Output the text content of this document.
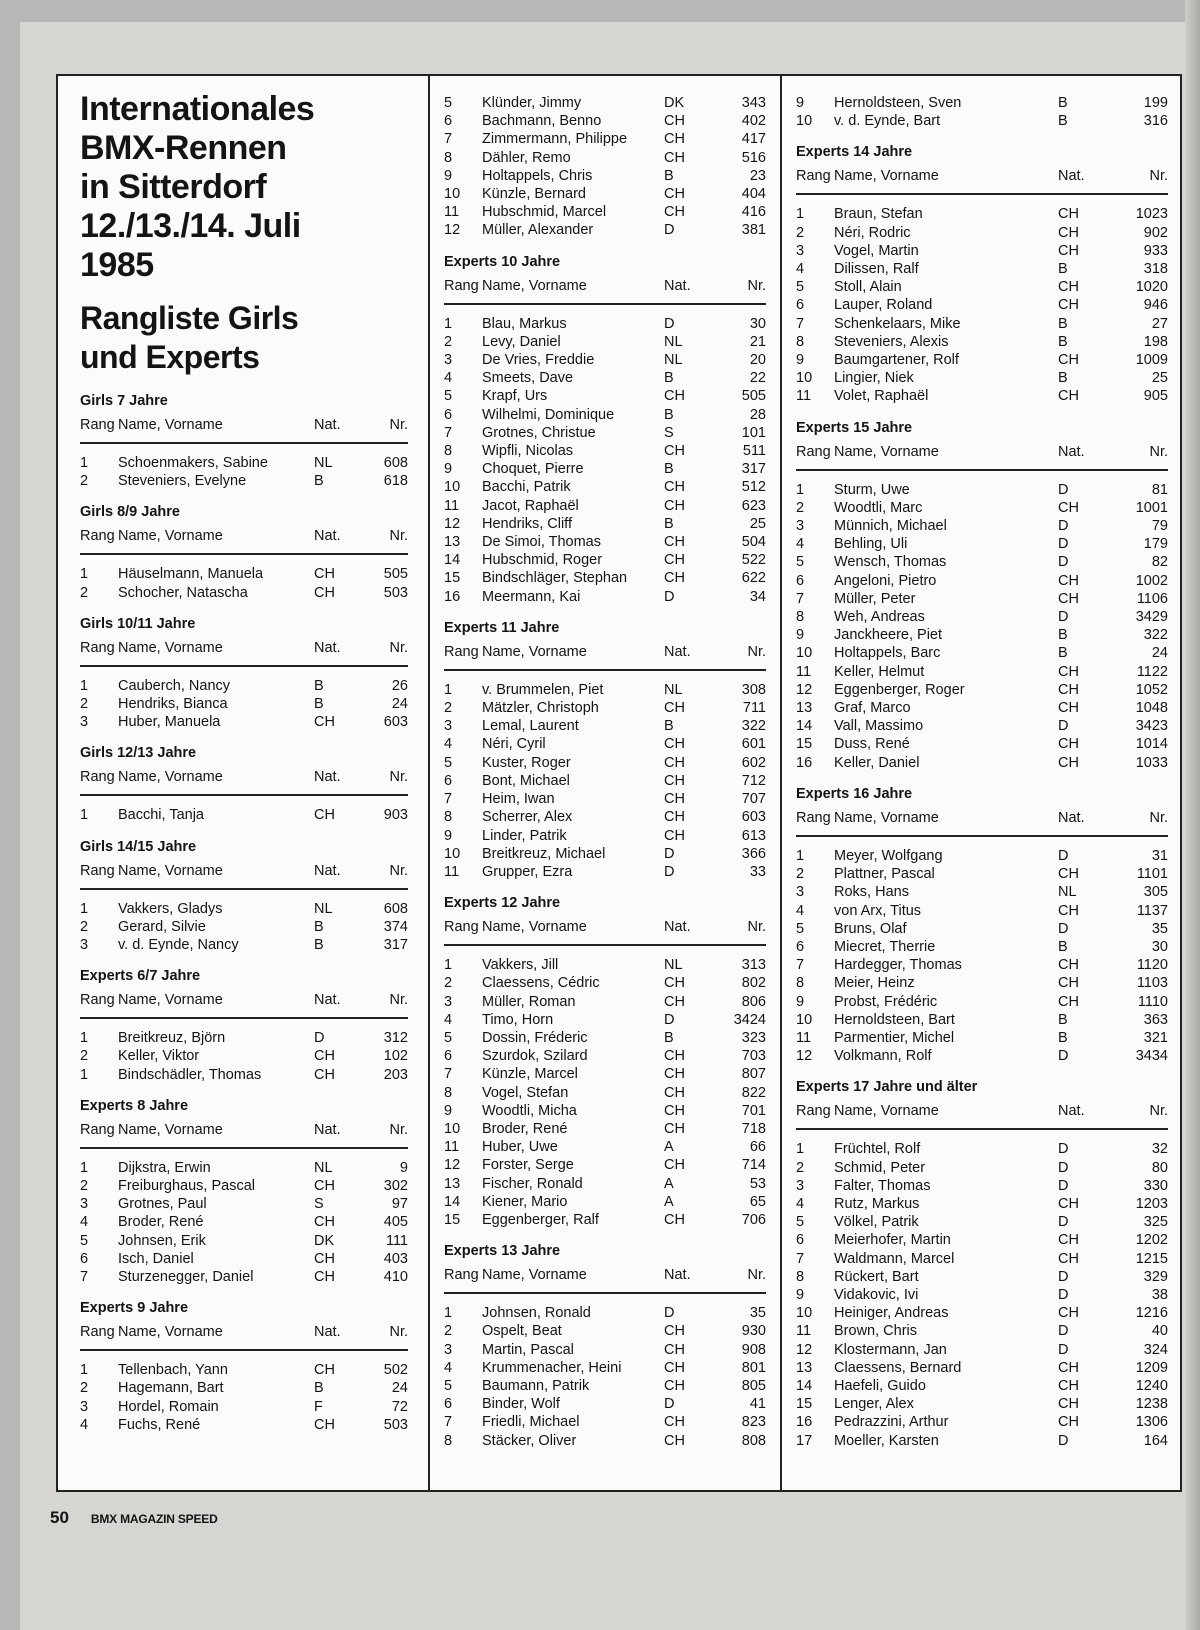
Internationales
BMX-Rennen
in Sitterdorf
12./13./14. Juli
1985
Rangliste Girls
und Experts
Girls 7 Jahre
Rang Name, Vorname	Nat.	Nr.
1	Schoenmakers, Sabine	NL	608
2	Steveniers, Evelyne	B	618
Girls 8/9 Jahre
Rang Name, Vorname	Nat.	Nr.
1	Häuselmann, Manuela	CH	505
2	Schocher, Natascha	CH	503
Girls 10/11 Jahre
Rang Name, Vorname	Nat.	Nr.
1	Cauberch, Nancy	B	26
2	Hendriks, Bianca	B	24
3	Huber, Manuela	CH	603
Girls 12/13 Jahre
Rang Name, Vorname	Nat.	Nr.
1	Bacchi, Tanja	CH	903
Girls 14/15 Jahre
Rang Name, Vorname	Nat.	Nr.
1	Vakkers, Gladys	NL	608
2	Gerard, Silvie	B	374
3	v. d. Eynde, Nancy	B	317
Experts 6/7 Jahre
Rang Name, Vorname	Nat.	Nr.
1	Breitkreuz, Björn	D	312
2	Keller, Viktor	CH	102
1	Bindschädler, Thomas	CH	203
Experts 8 Jahre
Rang Name, Vorname	Nat.	Nr.
1	Dijkstra, Erwin	NL	9
2	Freiburghaus, Pascal	CH	302
3	Grotnes, Paul	S	97
4	Broder, René	CH	405
5	Johnsen, Erik	DK	111
6	Isch, Daniel	CH	403
7	Sturzenegger, Daniel	CH	410
Experts 9 Jahre
Rang Name, Vorname	Nat.	Nr.
1	Tellenbach, Yann	CH	502
2	Hagemann, Bart	B	24
3	Hordel, Romain	F	72
4	Fuchs, René	CH	503
5	Klünder, Jimmy	DK	343
6	Bachmann, Benno	CH	402
7	Zimmermann, Philippe	CH	417
8	Dähler, Remo	CH	516
9	Holtappels, Chris	B	23
10	Künzle, Bernard	CH	404
11	Hubschmid, Marcel	CH	416
12	Müller, Alexander	D	381
Experts 10 Jahre
Rang Name, Vorname	Nat.	Nr.
1	Blau, Markus	D	30
2	Levy, Daniel	NL	21
3	De Vries, Freddie	NL	20
4	Smeets, Dave	B	22
5	Krapf, Urs	CH	505
6	Wilhelmi, Dominique	B	28
7	Grotnes, Christue	S	101
8	Wipfli, Nicolas	CH	511
9	Choquet, Pierre	B	317
10	Bacchi, Patrik	CH	512
11	Jacot, Raphaël	CH	623
12	Hendriks, Cliff	B	25
13	De Simoi, Thomas	CH	504
14	Hubschmid, Roger	CH	522
15	Bindschläger, Stephan	CH	622
16	Meermann, Kai	D	34
Experts 11 Jahre
Rang Name, Vorname	Nat.	Nr.
1	v. Brummelen, Piet	NL	308
2	Mätzler, Christoph	CH	711
3	Lemal, Laurent	B	322
4	Néri, Cyril	CH	601
5	Kuster, Roger	CH	602
6	Bont, Michael	CH	712
7	Heim, Iwan	CH	707
8	Scherrer, Alex	CH	603
9	Linder, Patrik	CH	613
10	Breitkreuz, Michael	D	366
11	Grupper, Ezra	D	33
Experts 12 Jahre
Rang Name, Vorname	Nat.	Nr.
1	Vakkers, Jill	NL	313
2	Claessens, Cédric	CH	802
3	Müller, Roman	CH	806
4	Timo, Horn	D	3424
5	Dossin, Fréderic	B	323
6	Szurdok, Szilard	CH	703
7	Künzle, Marcel	CH	807
8	Vogel, Stefan	CH	822
9	Woodtli, Micha	CH	701
10	Broder, René	CH	718
11	Huber, Uwe	A	66
12	Forster, Serge	CH	714
13	Fischer, Ronald	A	53
14	Kiener, Mario	A	65
15	Eggenberger, Ralf	CH	706
Experts 13 Jahre
Rang Name, Vorname	Nat.	Nr.
1	Johnsen, Ronald	D	35
2	Ospelt, Beat	CH	930
3	Martin, Pascal	CH	908
4	Krummenacher, Heini	CH	801
5	Baumann, Patrik	CH	805
6	Binder, Wolf	D	41
7	Friedli, Michael	CH	823
8	Stäcker, Oliver	CH	808
9	Hernoldsteen, Sven	B	199
10	v. d. Eynde, Bart	B	316
Experts 14 Jahre
Rang Name, Vorname	Nat.	Nr.
1	Braun, Stefan	CH	1023
2	Néri, Rodric	CH	902
3	Vogel, Martin	CH	933
4	Dilissen, Ralf	B	318
5	Stoll, Alain	CH	1020
6	Lauper, Roland	CH	946
7	Schenkelaars, Mike	B	27
8	Steveniers, Alexis	B	198
9	Baumgartener, Rolf	CH	1009
10	Lingier, Niek	B	25
11	Volet, Raphaël	CH	905
Experts 15 Jahre
Rang Name, Vorname	Nat.	Nr.
1	Sturm, Uwe	D	81
2	Woodtli, Marc	CH	1001
3	Münnich, Michael	D	79
4	Behling, Uli	D	179
5	Wensch, Thomas	D	82
6	Angeloni, Pietro	CH	1002
7	Müller, Peter	CH	1106
8	Weh, Andreas	D	3429
9	Janckheere, Piet	B	322
10	Holtappels, Barc	B	24
11	Keller, Helmut	CH	1122
12	Eggenberger, Roger	CH	1052
13	Graf, Marco	CH	1048
14	Vall, Massimo	D	3423
15	Duss, René	CH	1014
16	Keller, Daniel	CH	1033
Experts 16 Jahre
Rang Name, Vorname	Nat.	Nr.
1	Meyer, Wolfgang	D	31
2	Plattner, Pascal	CH	1101
3	Roks, Hans	NL	305
4	von Arx, Titus	CH	1137
5	Bruns, Olaf	D	35
6	Miecret, Therrie	B	30
7	Hardegger, Thomas	CH	1120
8	Meier, Heinz	CH	1103
9	Probst, Frédéric	CH	1110
10	Hernoldsteen, Bart	B	363
11	Parmentier, Michel	B	321
12	Volkmann, Rolf	D	3434
Experts 17 Jahre und älter
Rang Name, Vorname	Nat.	Nr.
1	Früchtel, Rolf	D	32
2	Schmid, Peter	D	80
3	Falter, Thomas	D	330
4	Rutz, Markus	CH	1203
5	Völkel, Patrik	D	325
6	Meierhofer, Martin	CH	1202
7	Waldmann, Marcel	CH	1215
8	Rückert, Bart	D	329
9	Vidakovic, Ivi	D	38
10	Heiniger, Andreas	CH	1216
11	Brown, Chris	D	40
12	Klostermann, Jan	D	324
13	Claessens, Bernard	CH	1209
14	Haefeli, Guido	CH	1240
15	Lenger, Alex	CH	1238
16	Pedrazzini, Arthur	CH	1306
17	Moeller, Karsten	D	164
50 BMX MAGAZIN SPEED
